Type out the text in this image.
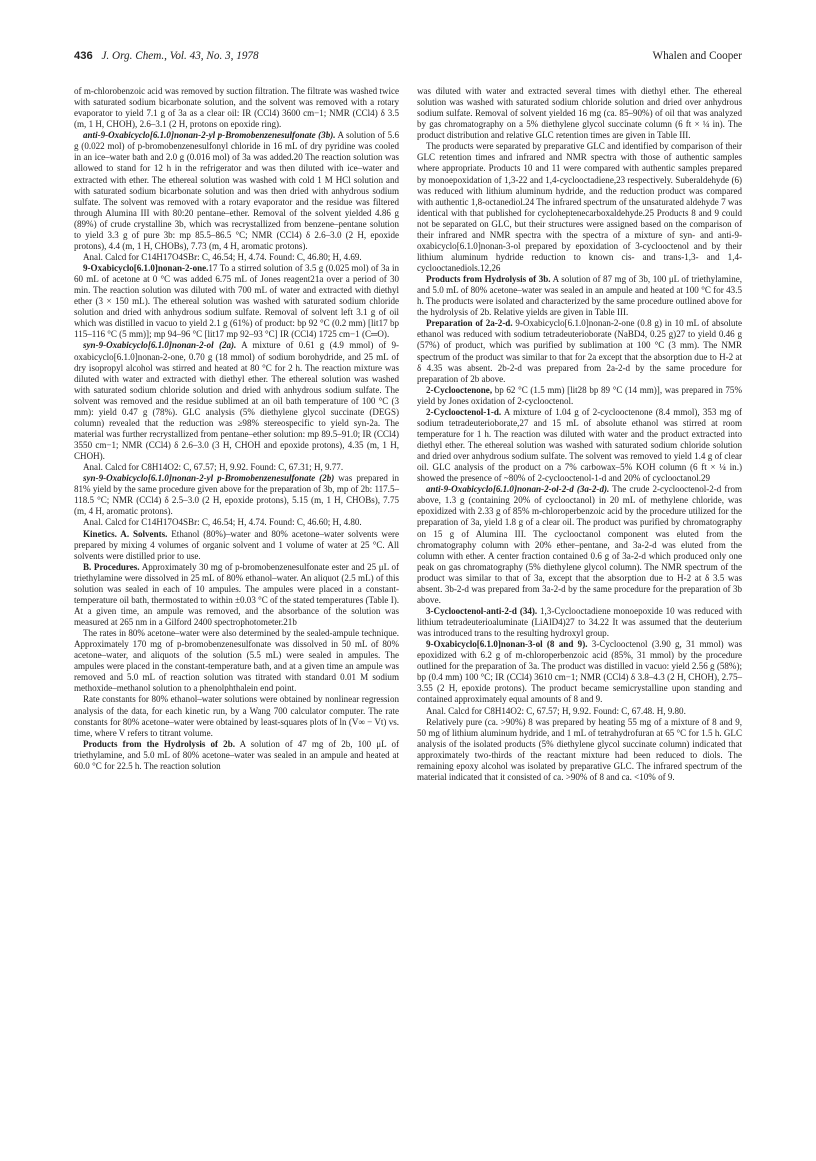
436 J. Org. Chem., Vol. 43, No. 3, 1978	Whalen and Cooper

of m-chlorobenzoic acid was removed by suction filtration. The filtrate was washed twice with saturated sodium bicarbonate solution, and the solvent was removed with a rotary evaporator to yield 7.1 g of 3a as a clear oil: IR (CCl4) 3600 cm−1; NMR (CCl4) δ 3.5 (m, 1 H, CHOH), 2.6–3.1 (2 H, protons on epoxide ring).

anti-9-Oxabicyclo[6.1.0]nonan-2-yl p-Bromobenzenesulfonate (3b). A solution of 5.6 g (0.022 mol) of p-bromobenzenesulfonyl chloride in 16 mL of dry pyridine was cooled in an ice–water bath and 2.0 g (0.016 mol) of 3a was added.20 The reaction solution was allowed to stand for 12 h in the refrigerator and was then diluted with ice–water and extracted with ether. The ethereal solution was washed with cold 1 M HCl solution and with saturated sodium bicarbonate solution and was then dried with anhydrous sodium sulfate. The solvent was removed with a rotary evaporator and the residue was filtered through Alumina III with 80:20 pentane–ether. Removal of the solvent yielded 4.86 g (89%) of crude crystalline 3b, which was recrystallized from benzene–pentane solution to yield 3.3 g of pure 3b: mp 85.5–86.5 °C; NMR (CCl4) δ 2.6–3.0 (2 H, epoxide protons), 4.4 (m, 1 H, CHOBs), 7.73 (m, 4 H, aromatic protons).

Anal. Calcd for C14H17O4SBr: C, 46.54; H, 4.74. Found: C, 46.80; H, 4.69.

9-Oxabicyclo[6.1.0]nonan-2-one.17 To a stirred solution of 3.5 g (0.025 mol) of 3a in 60 mL of acetone at 0 °C was added 6.75 mL of Jones reagent21a over a period of 30 min. The reaction solution was diluted with 700 mL of water and extracted with diethyl ether (3 × 150 mL). The ethereal solution was washed with saturated sodium chloride solution and dried with anhydrous sodium sulfate. Removal of solvent left 3.1 g of oil which was distilled in vacuo to yield 2.1 g (61%) of product: bp 92 °C (0.2 mm) [lit17 bp 115–116 °C (5 mm)]; mp 94–96 °C [lit17 mp 92–93 °C] IR (CCl4) 1725 cm−1 (C═O).

syn-9-Oxabicyclo[6.1.0]nonan-2-ol (2a). A mixture of 0.61 g (4.9 mmol) of 9-oxabicyclo[6.1.0]nonan-2-one, 0.70 g (18 mmol) of sodium borohydride, and 25 mL of dry isopropyl alcohol was stirred and heated at 80 °C for 2 h. The reaction mixture was diluted with water and extracted with diethyl ether. The ethereal solution was washed with saturated sodium chloride solution and dried with anhydrous sodium sulfate. The solvent was removed and the residue sublimed at an oil bath temperature of 100 °C (3 mm): yield 0.47 g (78%). GLC analysis (5% diethylene glycol succinate (DEGS) column) revealed that the reduction was ≥98% stereospecific to yield syn-2a. The material was further recrystallized from pentane–ether solution: mp 89.5–91.0; IR (CCl4) 3550 cm−1; NMR (CCl4) δ 2.6–3.0 (3 H, CHOH and epoxide protons), 4.35 (m, 1 H, CHOH).

Anal. Calcd for C8H14O2: C, 67.57; H, 9.92. Found: C, 67.31; H, 9.77.

syn-9-Oxabicyclo[6.1.0]nonan-2-yl p-Bromobenzenesulfonate (2b) was prepared in 81% yield by the same procedure given above for the preparation of 3b, mp of 2b: 117.5–118.5 °C; NMR (CCl4) δ 2.5–3.0 (2 H, epoxide protons), 5.15 (m, 1 H, CHOBs), 7.75 (m, 4 H, aromatic protons).

Anal. Calcd for C14H17O4SBr: C, 46.54; H, 4.74. Found: C, 46.60; H, 4.80.

Kinetics. A. Solvents. Ethanol (80%)–water and 80% acetone–water solvents were prepared by mixing 4 volumes of organic solvent and 1 volume of water at 25 °C. All solvents were distilled prior to use.

B. Procedures. Approximately 30 mg of p-bromobenzenesulfonate ester and 25 μL of triethylamine were dissolved in 25 mL of 80% ethanol–water. An aliquot (2.5 mL) of this solution was sealed in each of 10 ampules. The ampules were placed in a constant-temperature oil bath, thermostated to within ±0.03 °C of the stated temperatures (Table I). At a given time, an ampule was removed, and the absorbance of the solution was measured at 265 nm in a Gilford 2400 spectrophotometer.21b

The rates in 80% acetone–water were also determined by the sealed-ampule technique. Approximately 170 mg of p-bromobenzenesulfonate was dissolved in 50 mL of 80% acetone–water, and aliquots of the solution (5.5 mL) were sealed in ampules. The ampules were placed in the constant-temperature bath, and at a given time an ampule was removed and 5.0 mL of reaction solution was titrated with standard 0.01 M sodium methoxide–methanol solution to a phenolphthalein end point.

Rate constants for 80% ethanol–water solutions were obtained by nonlinear regression analysis of the data, for each kinetic run, by a Wang 700 calculator computer. The rate constants for 80% acetone–water were obtained by least-squares plots of ln (V∞ − Vt) vs. time, where V refers to titrant volume.

Products from the Hydrolysis of 2b. A solution of 47 mg of 2b, 100 μL of triethylamine, and 5.0 mL of 80% acetone–water was sealed in an ampule and heated at 60.0 °C for 22.5 h. The reaction solution

was diluted with water and extracted several times with diethyl ether. The ethereal solution was washed with saturated sodium chloride solution and dried over anhydrous sodium sulfate. Removal of solvent yielded 16 mg (ca. 85–90%) of oil that was analyzed by gas chromatography on a 5% diethylene glycol succinate column (6 ft × ¼ in). The product distribution and relative GLC retention times are given in Table III.

The products were separated by preparative GLC and identified by comparison of their GLC retention times and infrared and NMR spectra with those of authentic samples where appropriate. Products 10 and 11 were compared with authentic samples prepared by monoepoxidation of 1,3-22 and 1,4-cyclooctadiene,23 respectively. Suberaldehyde (6) was reduced with lithium aluminum hydride, and the reduction product was compared with authentic 1,8-octanediol.24 The infrared spectrum of the unsaturated aldehyde 7 was identical with that published for cycloheptenecarboxaldehyde.25 Products 8 and 9 could not be separated on GLC, but their structures were assigned based on the comparison of their infrared and NMR spectra with the spectra of a mixture of syn- and anti-9-oxabicyclo[6.1.0]nonan-3-ol prepared by epoxidation of 3-cyclooctenol and by their lithium aluminum hydride reduction to known cis- and trans-1,3- and 1,4-cyclooctanediols.12,26

Products from Hydrolysis of 3b. A solution of 87 mg of 3b, 100 μL of triethylamine, and 5.0 mL of 80% acetone–water was sealed in an ampule and heated at 100 °C for 43.5 h. The products were isolated and characterized by the same procedure outlined above for the hydrolysis of 2b. Relative yields are given in Table III.

Preparation of 2a-2-d. 9-Oxabicyclo[6.1.0]nonan-2-one (0.8 g) in 10 mL of absolute ethanol was reduced with sodium tetradeuterioborate (NaBD4, 0.25 g)27 to yield 0.46 g (57%) of product, which was purified by sublimation at 100 °C (3 mm). The NMR spectrum of the product was similar to that for 2a except that the absorption due to H-2 at δ 4.35 was absent. 2b-2-d was prepared from 2a-2-d by the same procedure for preparation of 2b above.

2-Cyclooctenone, bp 62 °C (1.5 mm) [lit28 bp 89 °C (14 mm)], was prepared in 75% yield by Jones oxidation of 2-cyclooctenol.

2-Cyclooctenol-1-d. A mixture of 1.04 g of 2-cyclooctenone (8.4 mmol), 353 mg of sodium tetradeuterioborate,27 and 15 mL of absolute ethanol was stirred at room temperature for 1 h. The reaction was diluted with water and the product extracted into diethyl ether. The ethereal solution was washed with saturated sodium chloride solution and dried over anhydrous sodium sulfate. The solvent was removed to yield 1.4 g of clear oil. GLC analysis of the product on a 7% carbowax–5% KOH column (6 ft × ¼ in.) showed the presence of ~80% of 2-cyclooctenol-1-d and 20% of cyclooctanol.29

anti-9-Oxabicyclo[6.1.0]nonan-2-ol-2-d (3a-2-d). The crude 2-cyclooctenol-2-d from above, 1.3 g (containing 20% of cyclooctanol) in 20 mL of methylene chloride, was epoxidized with 2.33 g of 85% m-chloroperbenzoic acid by the procedure utilized for the preparation of 3a, yield 1.8 g of a clear oil. The product was purified by chromatography on 15 g of Alumina III. The cyclooctanol component was eluted from the chromatography column with 20% ether–pentane, and 3a-2-d was eluted from the column with ether. A center fraction contained 0.6 g of 3a-2-d which produced only one peak on gas chromatography (5% diethylene glycol column). The NMR spectrum of the product was similar to that of 3a, except that the absorption due to H-2 at δ 3.5 was absent. 3b-2-d was prepared from 3a-2-d by the same procedure for the preparation of 3b above.

3-Cyclooctenol-anti-2-d (34). 1,3-Cyclooctadiene monoepoxide 10 was reduced with lithium tetradeuterioaluminate (LiAlD4)27 to 34.22 It was assumed that the deuterium was introduced trans to the resulting hydroxyl group.

9-Oxabicyclo[6.1.0]nonan-3-ol (8 and 9). 3-Cyclooctenol (3.90 g, 31 mmol) was epoxidized with 6.2 g of m-chloroperbenzoic acid (85%, 31 mmol) by the procedure outlined for the preparation of 3a. The product was distilled in vacuo: yield 2.56 g (58%); bp (0.4 mm) 100 °C; IR (CCl4) 3610 cm−1; NMR (CCl4) δ 3.8–4.3 (2 H, CHOH), 2.75–3.55 (2 H, epoxide protons). The product became semicrystalline upon standing and contained approximately equal amounts of 8 and 9.

Anal. Calcd for C8H14O2: C, 67.57; H, 9.92. Found: C, 67.48. H, 9.80.

Relatively pure (ca. >90%) 8 was prepared by heating 55 mg of a mixture of 8 and 9, 50 mg of lithium aluminum hydride, and 1 mL of tetrahydrofuran at 65 °C for 1.5 h. GLC analysis of the isolated products (5% diethylene glycol succinate column) indicated that approximately two-thirds of the reactant mixture had been reduced to diols. The remaining epoxy alcohol was isolated by preparative GLC. The infrared spectrum of the material indicated that it consisted of ca. >90% of 8 and ca. <10% of 9.
